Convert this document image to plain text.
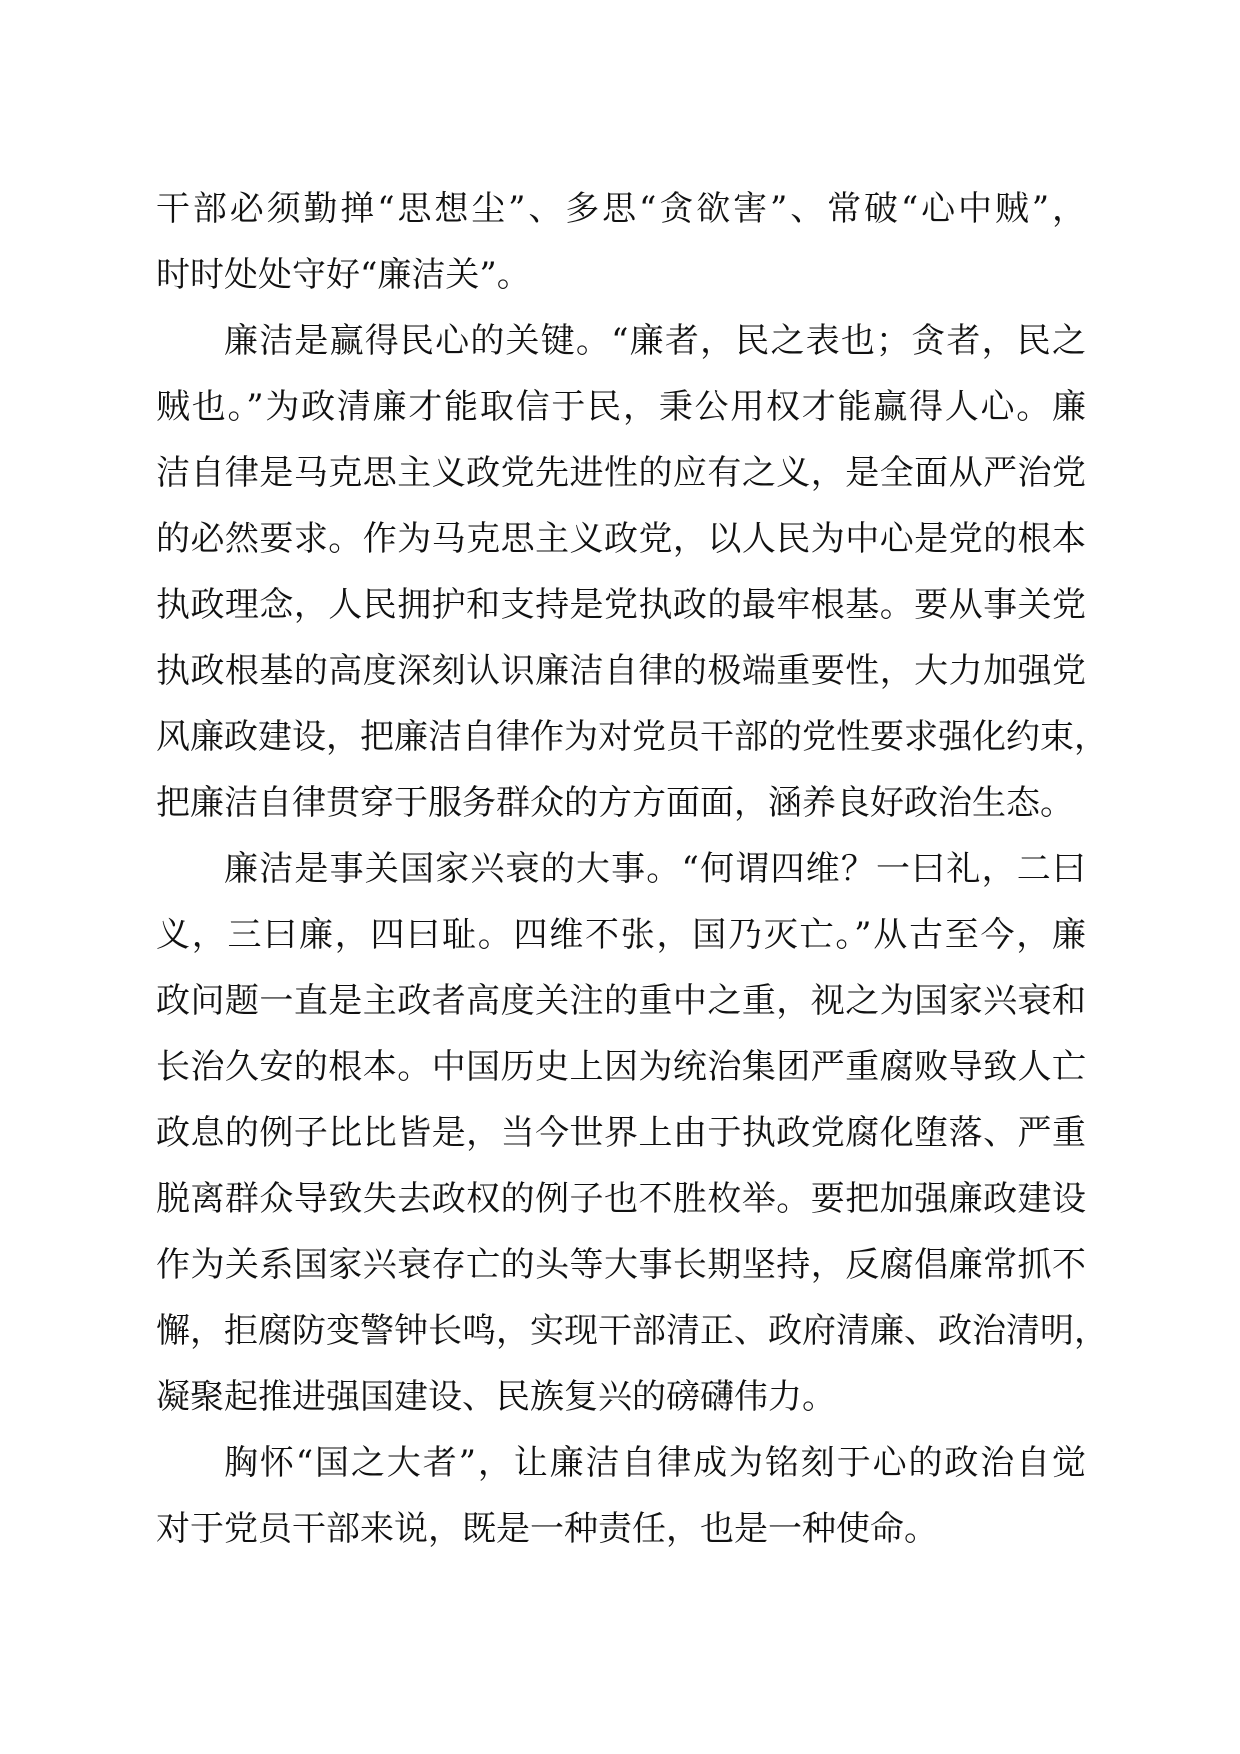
干部必须勤掸“思想尘”、多思“贪欲害”、常破“心中贼”，
时时处处守好“廉洁关”。
廉洁是赢得民心的关键。“廉者，民之表也；贪者，民之
贼也。”为政清廉才能取信于民，秉公用权才能赢得人心。廉
洁自律是马克思主义政党先进性的应有之义，是全面从严治党
的必然要求。作为马克思主义政党，以人民为中心是党的根本
执政理念，人民拥护和支持是党执政的最牢根基。要从事关党
执政根基的高度深刻认识廉洁自律的极端重要性，大力加强党
风廉政建设，把廉洁自律作为对党员干部的党性要求强化约束，
把廉洁自律贯穿于服务群众的方方面面，涵养良好政治生态。
廉洁是事关国家兴衰的大事。“何谓四维？一曰礼，二曰
义，三曰廉，四曰耻。四维不张，国乃灭亡。”从古至今，廉
政问题一直是主政者高度关注的重中之重，视之为国家兴衰和
长治久安的根本。中国历史上因为统治集团严重腐败导致人亡
政息的例子比比皆是，当今世界上由于执政党腐化堕落、严重
脱离群众导致失去政权的例子也不胜枚举。要把加强廉政建设
作为关系国家兴衰存亡的头等大事长期坚持，反腐倡廉常抓不
懈，拒腐防变警钟长鸣，实现干部清正、政府清廉、政治清明，
凝聚起推进强国建设、民族复兴的磅礴伟力。
胸怀“国之大者”，让廉洁自律成为铭刻于心的政治自觉
对于党员干部来说，既是一种责任，也是一种使命。
